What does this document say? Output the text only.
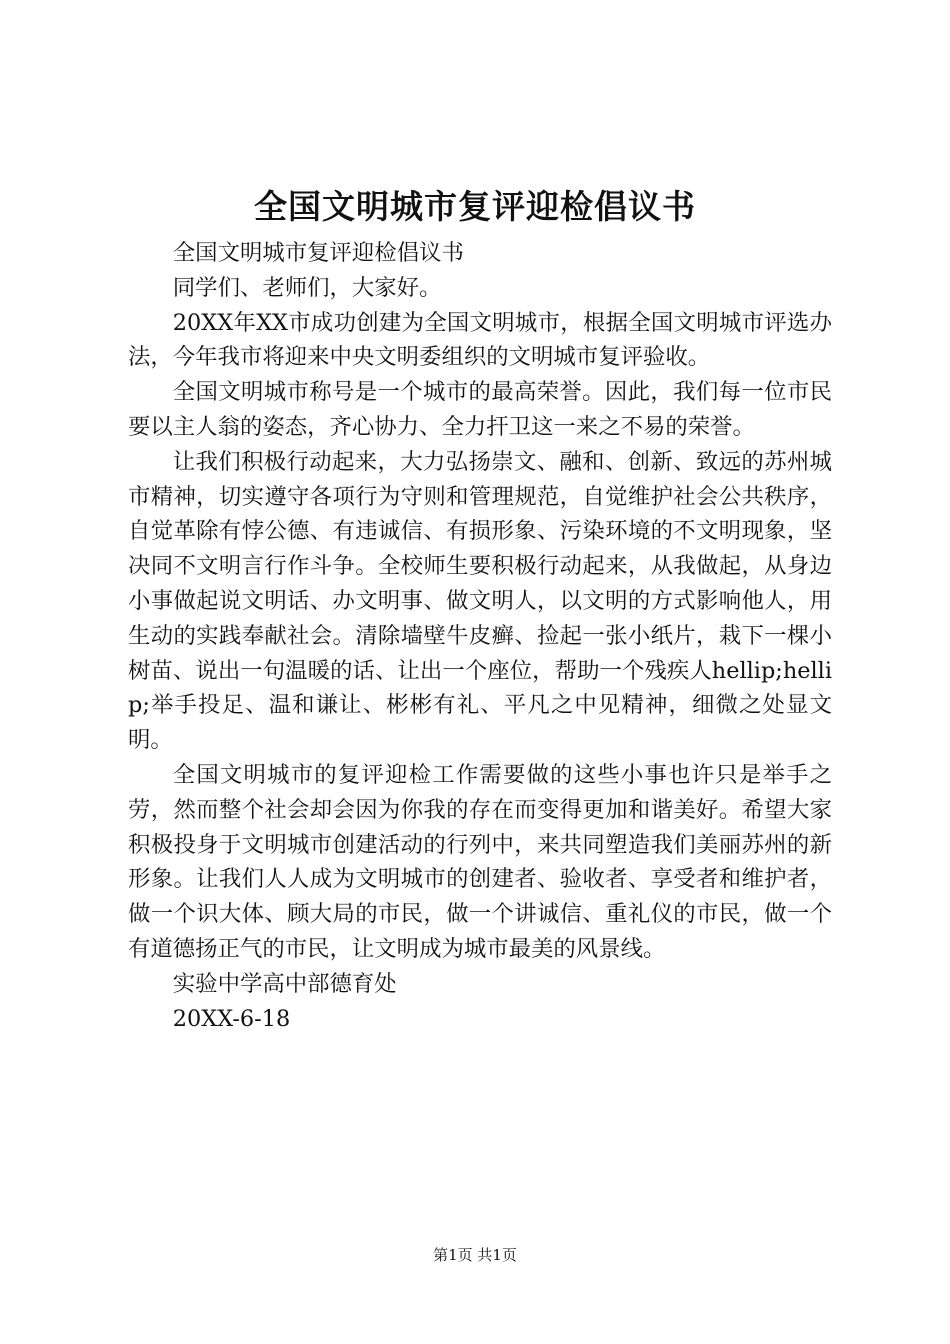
全国文明城市复评迎检倡议书

全国文明城市复评迎检倡议书

同学们、老师们，大家好。

20XX年XX市成功创建为全国文明城市，根据全国文明城市评选办法，今年我市将迎来中央文明委组织的文明城市复评验收。

全国文明城市称号是一个城市的最高荣誉。因此，我们每一位市民要以主人翁的姿态，齐心协力、全力扞卫这一来之不易的荣誉。

让我们积极行动起来，大力弘扬崇文、融和、创新、致远的苏州城市精神，切实遵守各项行为守则和管理规范，自觉维护社会公共秩序，自觉革除有悖公德、有违诚信、有损形象、污染环境的不文明现象，坚决同不文明言行作斗争。全校师生要积极行动起来，从我做起，从身边小事做起说文明话、办文明事、做文明人，以文明的方式影响他人，用生动的实践奉献社会。清除墙壁牛皮癣、捡起一张小纸片，栽下一棵小树苗、说出一句温暖的话、让出一个座位，帮助一个残疾人hellip;hellip;举手投足、温和谦让、彬彬有礼、平凡之中见精神，细微之处显文明。

全国文明城市的复评迎检工作需要做的这些小事也许只是举手之劳，然而整个社会却会因为你我的存在而变得更加和谐美好。希望大家积极投身于文明城市创建活动的行列中，来共同塑造我们美丽苏州的新形象。让我们人人成为文明城市的创建者、验收者、享受者和维护者，做一个识大体、顾大局的市民，做一个讲诚信、重礼仪的市民，做一个有道德扬正气的市民，让文明成为城市最美的风景线。

实验中学高中部德育处

20XX-6-18

第1页 共1页
